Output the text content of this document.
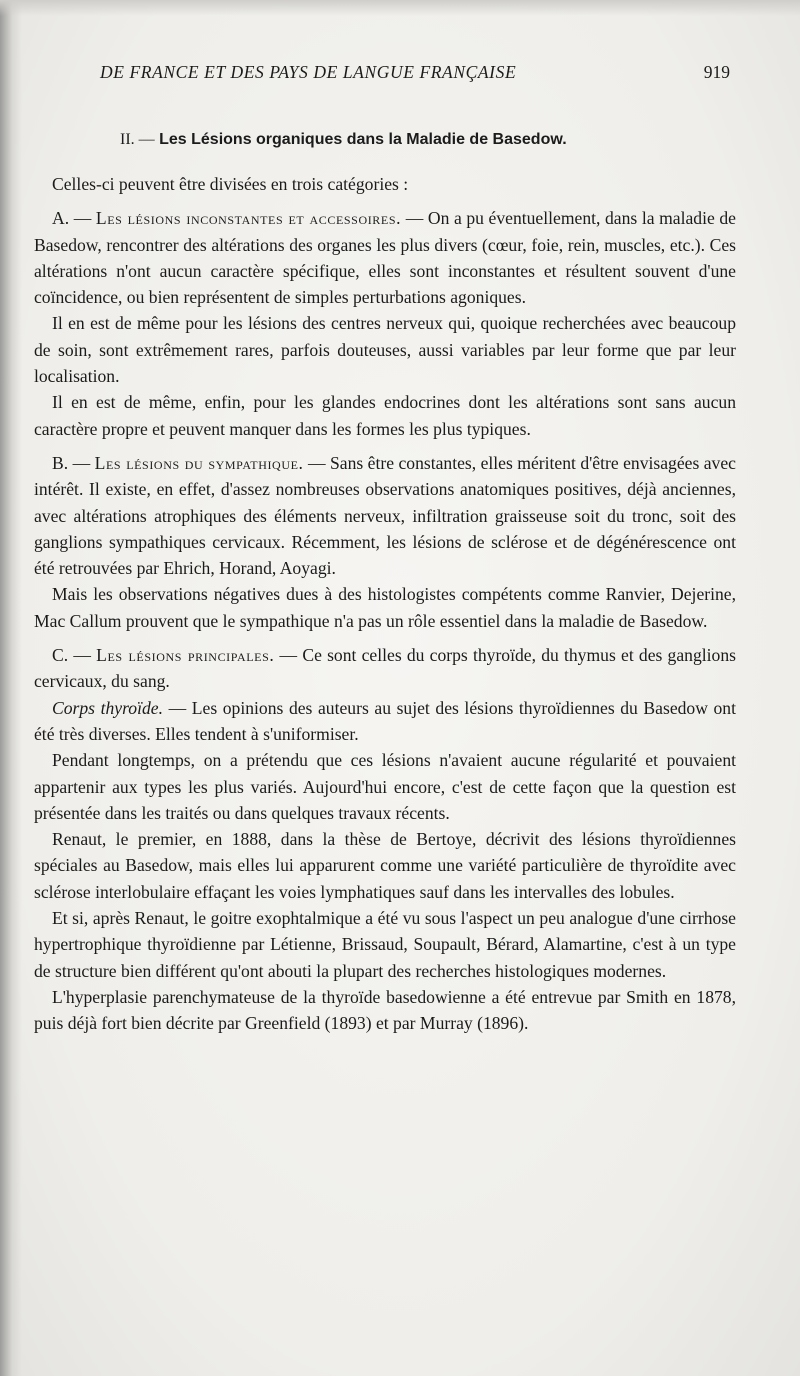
DE FRANCE ET DES PAYS DE LANGUE FRANÇAISE	919
II. — Les Lésions organiques dans la Maladie de Basedow.

Celles-ci peuvent être divisées en trois catégories :

A. — Les lésions inconstantes et accessoires. — On a pu éventuellement, dans la maladie de Basedow, rencontrer des altérations des organes les plus divers (cœur, foie, rein, muscles, etc.). Ces altérations n'ont aucun caractère spécifique, elles sont inconstantes et résultent souvent d'une coïncidence, ou bien représentent de simples perturbations agoniques.

Il en est de même pour les lésions des centres nerveux qui, quoique recherchées avec beaucoup de soin, sont extrêmement rares, parfois douteuses, aussi variables par leur forme que par leur localisation.

Il en est de même, enfin, pour les glandes endocrines dont les altérations sont sans aucun caractère propre et peuvent manquer dans les formes les plus typiques.

B. — Les lésions du sympathique. — Sans être constantes, elles méritent d'être envisagées avec intérêt. Il existe, en effet, d'assez nombreuses observations anatomiques positives, déjà anciennes, avec altérations atrophiques des éléments nerveux, infiltration graisseuse soit du tronc, soit des ganglions sympathiques cervicaux. Récemment, les lésions de sclérose et de dégénérescence ont été retrouvées par Ehrich, Horand, Aoyagi.

Mais les observations négatives dues à des histologistes compétents comme Ranvier, Dejerine, Mac Callum prouvent que le sympathique n'a pas un rôle essentiel dans la maladie de Basedow.

C. — Les lésions principales. — Ce sont celles du corps thyroïde, du thymus et des ganglions cervicaux, du sang.

Corps thyroïde. — Les opinions des auteurs au sujet des lésions thyroïdiennes du Basedow ont été très diverses. Elles tendent à s'uniformiser.

Pendant longtemps, on a prétendu que ces lésions n'avaient aucune régularité et pouvaient appartenir aux types les plus variés. Aujourd'hui encore, c'est de cette façon que la question est présentée dans les traités ou dans quelques travaux récents.

Renaut, le premier, en 1888, dans la thèse de Bertoye, décrivit des lésions thyroïdiennes spéciales au Basedow, mais elles lui apparurent comme une variété particulière de thyroïdite avec sclérose interlobulaire effaçant les voies lymphatiques sauf dans les intervalles des lobules.

Et si, après Renaut, le goitre exophtalmique a été vu sous l'aspect un peu analogue d'une cirrhose hypertrophique thyroïdienne par Létienne, Brissaud, Soupault, Bérard, Alamartine, c'est à un type de structure bien différent qu'ont abouti la plupart des recherches histologiques modernes.

L'hyperplasie parenchymateuse de la thyroïde basedowienne a été entrevue par Smith en 1878, puis déjà fort bien décrite par Greenfield (1893) et par Murray (1896).
